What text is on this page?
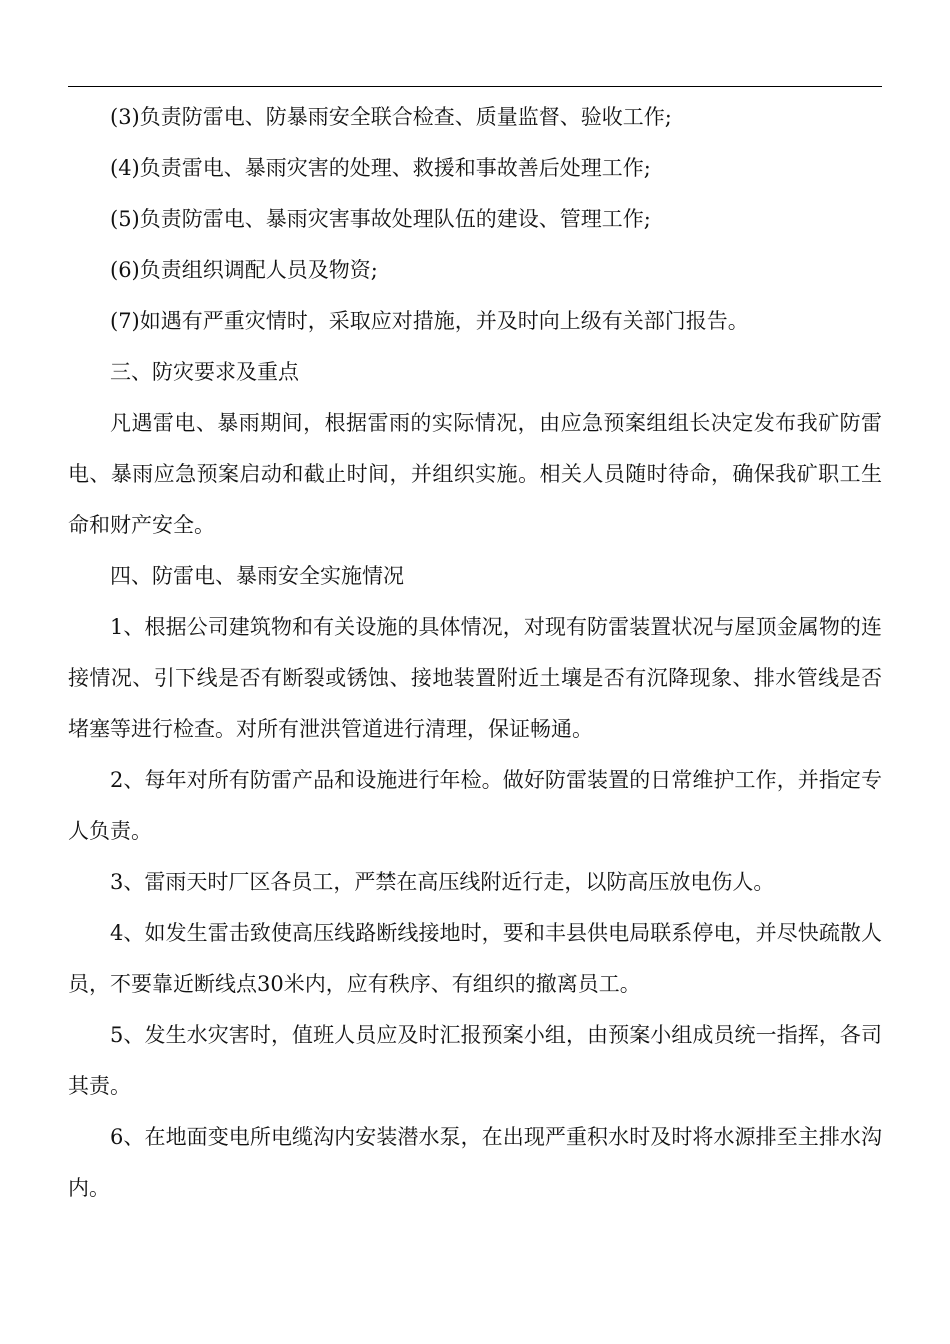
(3)负责防雷电、防暴雨安全联合检查、质量监督、验收工作;

(4)负责雷电、暴雨灾害的处理、救援和事故善后处理工作;

(5)负责防雷电、暴雨灾害事故处理队伍的建设、管理工作;

(6)负责组织调配人员及物资;

(7)如遇有严重灾情时，采取应对措施，并及时向上级有关部门报告。

三、防灾要求及重点

凡遇雷电、暴雨期间，根据雷雨的实际情况，由应急预案组组长决定发布我矿防雷电、暴雨应急预案启动和截止时间，并组织实施。相关人员随时待命，确保我矿职工生命和财产安全。

四、防雷电、暴雨安全实施情况

1、根据公司建筑物和有关设施的具体情况，对现有防雷装置状况与屋顶金属物的连接情况、引下线是否有断裂或锈蚀、接地装置附近土壤是否有沉降现象、排水管线是否堵塞等进行检查。对所有泄洪管道进行清理，保证畅通。

2、每年对所有防雷产品和设施进行年检。做好防雷装置的日常维护工作，并指定专人负责。

3、雷雨天时厂区各员工，严禁在高压线附近行走，以防高压放电伤人。

4、如发生雷击致使高压线路断线接地时，要和丰县供电局联系停电，并尽快疏散人员，不要靠近断线点30米内，应有秩序、有组织的撤离员工。

5、发生水灾害时，值班人员应及时汇报预案小组，由预案小组成员统一指挥，各司其责。

6、在地面变电所电缆沟内安装潜水泵，在出现严重积水时及时将水源排至主排水沟内。
